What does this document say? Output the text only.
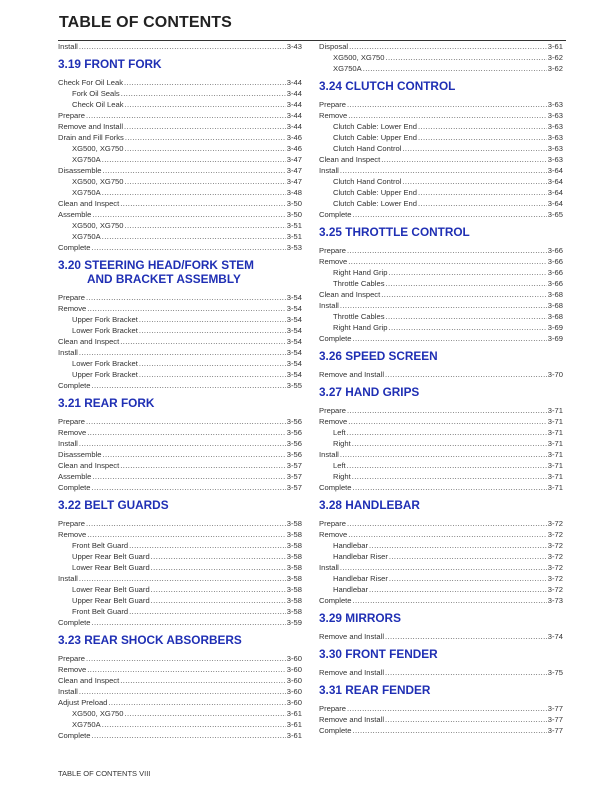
TABLE OF CONTENTS
Install .....	3-43
3.19 FRONT FORK
Check For Oil Leak .....	3-44
Fork Oil Seals .....	3-44
Check Oil Leak .....	3-44
Prepare .....	3-44
Remove and Install .....	3-44
Drain and Fill Forks .....	3-46
XG500, XG750 .....	3-46
XG750A .....	3-47
Disassemble .....	3-47
XG500, XG750 .....	3-47
XG750A .....	3-48
Clean and Inspect .....	3-50
Assemble .....	3-50
XG500, XG750 .....	3-51
XG750A .....	3-51
Complete .....	3-53
3.20 STEERING HEAD/FORK STEM
AND BRACKET ASSEMBLY
Prepare .....	3-54
Remove .....	3-54
Upper Fork Bracket .....	3-54
Lower Fork Bracket .....	3-54
Clean and Inspect .....	3-54
Install .....	3-54
Lower Fork Bracket .....	3-54
Upper Fork Bracket .....	3-54
Complete .....	3-55
3.21 REAR FORK
Prepare .....	3-56
Remove .....	3-56
Install .....	3-56
Disassemble .....	3-56
Clean and Inspect .....	3-57
Assemble .....	3-57
Complete .....	3-57
3.22 BELT GUARDS
Prepare .....	3-58
Remove .....	3-58
Front Belt Guard .....	3-58
Upper Rear Belt Guard .....	3-58
Lower Rear Belt Guard .....	3-58
Install .....	3-58
Lower Rear Belt Guard .....	3-58
Upper Rear Belt Guard .....	3-58
Front Belt Guard .....	3-58
Complete .....	3-59
3.23 REAR SHOCK ABSORBERS
Prepare .....	3-60
Remove .....	3-60
Clean and Inspect .....	3-60
Install .....	3-60
Adjust Preload .....	3-60
XG500, XG750 .....	3-61
XG750A .....	3-61
Complete .....	3-61
Disposal .....	3-61
XG500, XG750 .....	3-62
XG750A .....	3-62
3.24 CLUTCH CONTROL
Prepare .....	3-63
Remove .....	3-63
Clutch Cable: Lower End .....	3-63
Clutch Cable: Upper End .....	3-63
Clutch Hand Control .....	3-63
Clean and Inspect .....	3-63
Install .....	3-64
Clutch Hand Control .....	3-64
Clutch Cable: Upper End .....	3-64
Clutch Cable: Lower End .....	3-64
Complete .....	3-65
3.25 THROTTLE CONTROL
Prepare .....	3-66
Remove .....	3-66
Right Hand Grip .....	3-66
Throttle Cables .....	3-66
Clean and Inspect .....	3-68
Install .....	3-68
Throttle Cables .....	3-68
Right Hand Grip .....	3-69
Complete .....	3-69
3.26 SPEED SCREEN
Remove and Install .....	3-70
3.27 HAND GRIPS
Prepare .....	3-71
Remove .....	3-71
Left .....	3-71
Right .....	3-71
Install .....	3-71
Left .....	3-71
Right .....	3-71
Complete .....	3-71
3.28 HANDLEBAR
Prepare .....	3-72
Remove .....	3-72
Handlebar .....	3-72
Handlebar Riser .....	3-72
Install .....	3-72
Handlebar Riser .....	3-72
Handlebar .....	3-72
Complete .....	3-73
3.29 MIRRORS
Remove and Install .....	3-74
3.30 FRONT FENDER
Remove and Install .....	3-75
3.31 REAR FENDER
Prepare .....	3-77
Remove and Install .....	3-77
Complete .....	3-77
TABLE OF CONTENTS VIII
